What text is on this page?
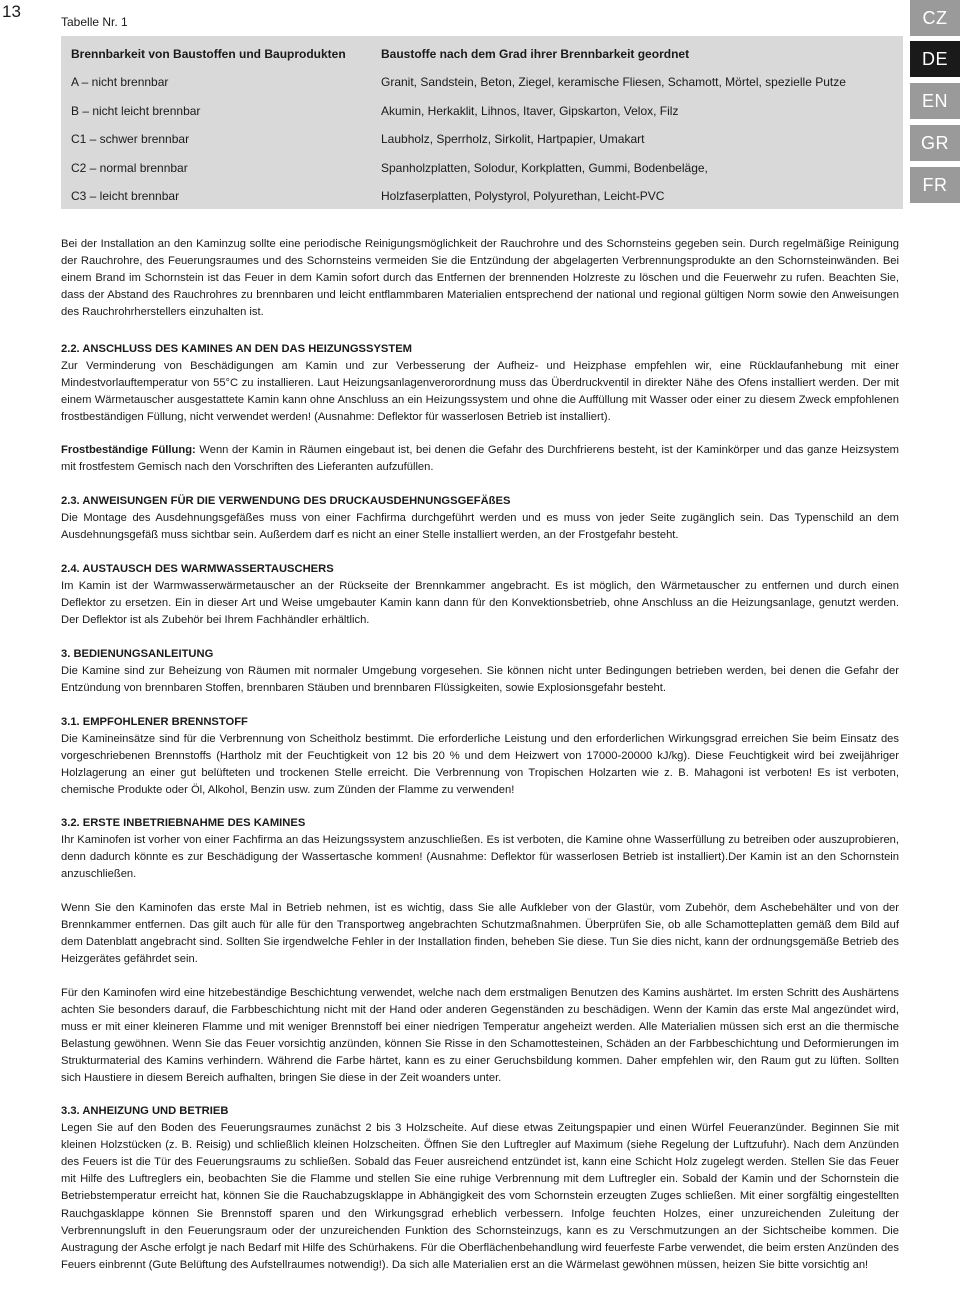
13	CZ
DE
EN
GR
FR
Tabelle Nr. 1
Brennbarkeit von Baustoffen und Bauprodukten
A – nicht brennbar
B – nicht leicht brennbar
C1 – schwer brennbar
C2 – normal brennbar
C3 – leicht brennbar
Baustoffe nach dem Grad ihrer Brennbarkeit geordnet
Granit, Sandstein, Beton, Ziegel, keramische Fliesen, Schamott, Mörtel, spezielle Putze
Akumin, Herkaklit, Lihnos, Itaver, Gipskarton, Velox, Filz
Laubholz, Sperrholz, Sirkolit, Hartpapier, Umakart
Spanholzplatten, Solodur, Korkplatten, Gummi, Bodenbeläge,
Holzfaserplatten, Polystyrol, Polyurethan, Leicht-PVC
Bei der Installation an den Kaminzug sollte eine periodische Reinigungsmöglichkeit der Rauchrohre und des Schornsteins gegeben sein. Durch regelmäßige Reinigung der Rauchrohre, des Feuerungsraumes und des Schornsteins vermeiden Sie die Entzündung der abgelagerten Verbrennungsprodukte an den Schornsteinwänden. Bei einem Brand im Schornstein ist das Feuer in dem Kamin sofort durch das Entfernen der brennenden Holzreste zu löschen und die Feuerwehr zu rufen. Beachten Sie, dass der Abstand des Rauchrohres zu brennbaren und leicht entflammbaren Materialien entsprechend der national und regional gültigen Norm sowie den Anweisungen des Rauchrohrherstellers einzuhalten ist.
2.2. ANSCHLUSS DES KAMINES AN DEN DAS HEIZUNGSSYSTEM
Zur Verminderung von Beschädigungen am Kamin und zur Verbesserung der Aufheiz- und Heizphase empfehlen wir, eine Rücklaufanhebung mit einer Mindestvorlauftemperatur von 55°C zu installieren. Laut Heizungsanlagenverorordnung muss das Überdruckventil in direkter Nähe des Ofens installiert werden. Der mit einem Wärmetauscher ausgestattete Kamin kann ohne Anschluss an ein Heizungssystem und ohne die Auffüllung mit Wasser oder einer zu diesem Zweck empfohlenen frostbeständigen Füllung, nicht verwendet werden! (Ausnahme: Deflektor für wasserlosen Betrieb ist installiert).
Frostbeständige Füllung: Wenn der Kamin in Räumen eingebaut ist, bei denen die Gefahr des Durchfrierens besteht, ist der Kaminkörper und das ganze Heizsystem mit frostfestem Gemisch nach den Vorschriften des Lieferanten aufzufüllen.
2.3. ANWEISUNGEN FÜR DIE VERWENDUNG DES DRUCKAUSDEHNUNGSGEFÄßES
Die Montage des Ausdehnungsgefäßes muss von einer Fachfirma durchgeführt werden und es muss von jeder Seite zugänglich sein. Das Typenschild an dem Ausdehnungsgefäß muss sichtbar sein. Außerdem darf es nicht an einer Stelle installiert werden, an der Frostgefahr besteht.
2.4. AUSTAUSCH DES WARMWASSERTAUSCHERS
Im Kamin ist der Warmwasserwärmetauscher an der Rückseite der Brennkammer angebracht. Es ist möglich, den Wärmetauscher zu entfernen und durch einen Deflektor zu ersetzen. Ein in dieser Art und Weise umgebauter Kamin kann dann für den Konvektionsbetrieb, ohne Anschluss an die Heizungsanlage, genutzt werden. Der Deflektor ist als Zubehör bei Ihrem Fachhändler erhältlich.
3. BEDIENUNGSANLEITUNG
Die Kamine sind zur Beheizung von Räumen mit normaler Umgebung vorgesehen. Sie können nicht unter Bedingungen betrieben werden, bei denen die Gefahr der Entzündung von brennbaren Stoffen, brennbaren Stäuben und brennbaren Flüssigkeiten, sowie Explosionsgefahr besteht.
3.1. EMPFOHLENER BRENNSTOFF
Die Kamineinsätze sind für die Verbrennung von Scheitholz bestimmt. Die erforderliche Leistung und den erforderlichen Wirkungsgrad erreichen Sie beim Einsatz des vorgeschriebenen Brennstoffs (Hartholz mit der Feuchtigkeit von 12 bis 20 % und dem Heizwert von 17000-20000 kJ/kg). Diese Feuchtigkeit wird bei zweijähriger Holzlagerung an einer gut belüfteten und trockenen Stelle erreicht. Die Verbrennung von Tropischen Holzarten wie z. B. Mahagoni ist verboten! Es ist verboten, chemische Produkte oder Öl, Alkohol, Benzin usw. zum Zünden der Flamme zu verwenden!
3.2. ERSTE INBETRIEBNAHME DES KAMINES
Ihr Kaminofen ist vorher von einer Fachfirma an das Heizungssystem anzuschließen. Es ist verboten, die Kamine ohne Wasserfüllung zu betreiben oder auszuprobieren, denn dadurch könnte es zur Beschädigung der Wassertasche kommen! (Ausnahme: Deflektor für wasserlosen Betrieb ist installiert).Der Kamin ist an den Schornstein anzuschließen.
Wenn Sie den Kaminofen das erste Mal in Betrieb nehmen, ist es wichtig, dass Sie alle Aufkleber von der Glastür, vom Zubehör, dem Aschebehälter und von der Brennkammer entfernen. Das gilt auch für alle für den Transportweg angebrachten Schutzmaßnahmen. Überprüfen Sie, ob alle Schamotteplatten gemäß dem Bild auf dem Datenblatt angebracht sind. Sollten Sie irgendwelche Fehler in der Installation finden, beheben Sie diese. Tun Sie dies nicht, kann der ordnungsgemäße Betrieb des Heizgerätes gefährdet sein.
Für den Kaminofen wird eine hitzebeständige Beschichtung verwendet, welche nach dem erstmaligen Benutzen des Kamins aushärtet. Im ersten Schritt des Aushärtens achten Sie besonders darauf, die Farbbeschichtung nicht mit der Hand oder anderen Gegenständen zu beschädigen. Wenn der Kamin das erste Mal angezündet wird, muss er mit einer kleineren Flamme und mit weniger Brennstoff bei einer niedrigen Temperatur angeheizt werden. Alle Materialien müssen sich erst an die thermische Belastung gewöhnen. Wenn Sie das Feuer vorsichtig anzünden, können Sie Risse in den Schamottesteinen, Schäden an der Farbbeschichtung und Deformierungen im Strukturmaterial des Kamins verhindern. Während die Farbe härtet, kann es zu einer Geruchsbildung kommen. Daher empfehlen wir, den Raum gut zu lüften. Sollten sich Haustiere in diesem Bereich aufhalten, bringen Sie diese in der Zeit woanders unter.
3.3. ANHEIZUNG UND BETRIEB
Legen Sie auf den Boden des Feuerungsraumes zunächst 2 bis 3 Holzscheite. Auf diese etwas Zeitungspapier und einen Würfel Feueranzünder. Beginnen Sie mit kleinen Holzstücken (z. B. Reisig) und schließlich kleinen Holzscheiten. Öffnen Sie den Luftregler auf Maximum (siehe Regelung der Luftzufuhr). Nach dem Anzünden des Feuers ist die Tür des Feuerungsraums zu schließen. Sobald das Feuer ausreichend entzündet ist, kann eine Schicht Holz zugelegt werden. Stellen Sie das Feuer mit Hilfe des Luftreglers ein, beobachten Sie die Flamme und stellen Sie eine ruhige Verbrennung mit dem Luftregler ein. Sobald der Kamin und der Schornstein die Betriebstemperatur erreicht hat, können Sie die Rauchabzugsklappe in Abhängigkeit des vom Schornstein erzeugten Zuges schließen. Mit einer sorgfältig eingestellten Rauchgasklappe können Sie Brennstoff sparen und den Wirkungsgrad erheblich verbessern. Infolge feuchten Holzes, einer unzureichenden Zuleitung der Verbrennungsluft in den Feuerungsraum oder der unzureichenden Funktion des Schornsteinzugs, kann es zu Verschmutzungen an der Sichtscheibe kommen. Die Austragung der Asche erfolgt je nach Bedarf mit Hilfe des Schürhakens. Für die Oberflächenbehandlung wird feuerfeste Farbe verwendet, die beim ersten Anzünden des Feuers einbrennt (Gute Belüftung des Aufstellraumes notwendig!). Da sich alle Materialien erst an die Wärmelast gewöhnen müssen, heizen Sie bitte vorsichtig an!
